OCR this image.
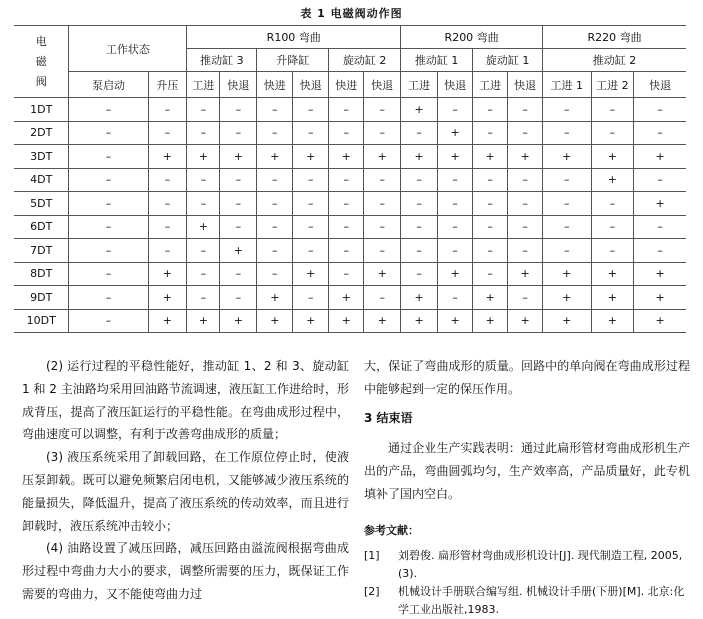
表 1 电磁阀动作图
电
磁
阀	工作状态		R100 弯曲						R200 弯曲				R220 弯曲		
			推动缸 3		升降缸		旋动缸 2		推动缸 1		旋动缸 1		推动缸 2		
	泵启动	升压	工进	快退	快进	快退	快进	快退	工进	快退	工进	快退	工进 1	工进 2	快退
1DT	–	–	–	–	–	–	–	–	+	–	–	–	–	–	–
2DT	–	–	–	–	–	–	–	–	–	+	–	–	–	–	–
3DT	–	+	+	+	+	+	+	+	+	+	+	+	+	+	+
4DT	–	–	–	–	–	–	–	–	–	–	–	–	–	+	–
5DT	–	–	–	–	–	–	–	–	–	–	–	–	–	–	+
6DT	–	–	+	–	–	–	–	–	–	–	–	–	–	–	–
7DT	–	–	–	+	–	–	–	–	–	–	–	–	–	–	–
8DT	–	+	–	–	–	+	–	+	–	+	–	+	+	+	+
9DT	–	+	–	–	+	–	+	–	+	–	+	–	+	+	+
10DT	–	+	+	+	+	+	+	+	+	+	+	+	+	+	+

(2) 运行过程的平稳性能好，推动缸 1、2 和 3、旋动缸 1 和 2 主油路均采用回油路节流调速，液压缸工作进给时，形成背压，提高了液压缸运行的平稳性能。在弯曲成形过程中，弯曲速度可以调整，有利于改善弯曲成形的质量；

(3) 液压系统采用了卸载回路，在工作原位停止时，使液压泵卸载。既可以避免频繁启闭电机，又能够减少液压系统的能量损失，降低温升，提高了液压系统的传动效率，而且进行卸载时，液压系统冲击较小；

(4) 油路设置了减压回路，减压回路由溢流阀根据弯曲成形过程中弯曲力大小的要求，调整所需要的压力，既保证工作需要的弯曲力，又不能使弯曲力过

大，保证了弯曲成形的质量。回路中的单向阀在弯曲成形过程中能够起到一定的保压作用。

3 结束语

通过企业生产实践表明：通过此扁形管材弯曲成形机生产出的产品，弯曲圆弧均匀，生产效率高，产品质量好，此专机填补了国内空白。

参考文献：

[1]	刘碧俊. 扁形管材弯曲成形机设计[J]. 现代制造工程, 2005,(3).
[2]	机械设计手册联合编写组. 机械设计手册(下册)[M]. 北京:化学工业出版社,1983.
